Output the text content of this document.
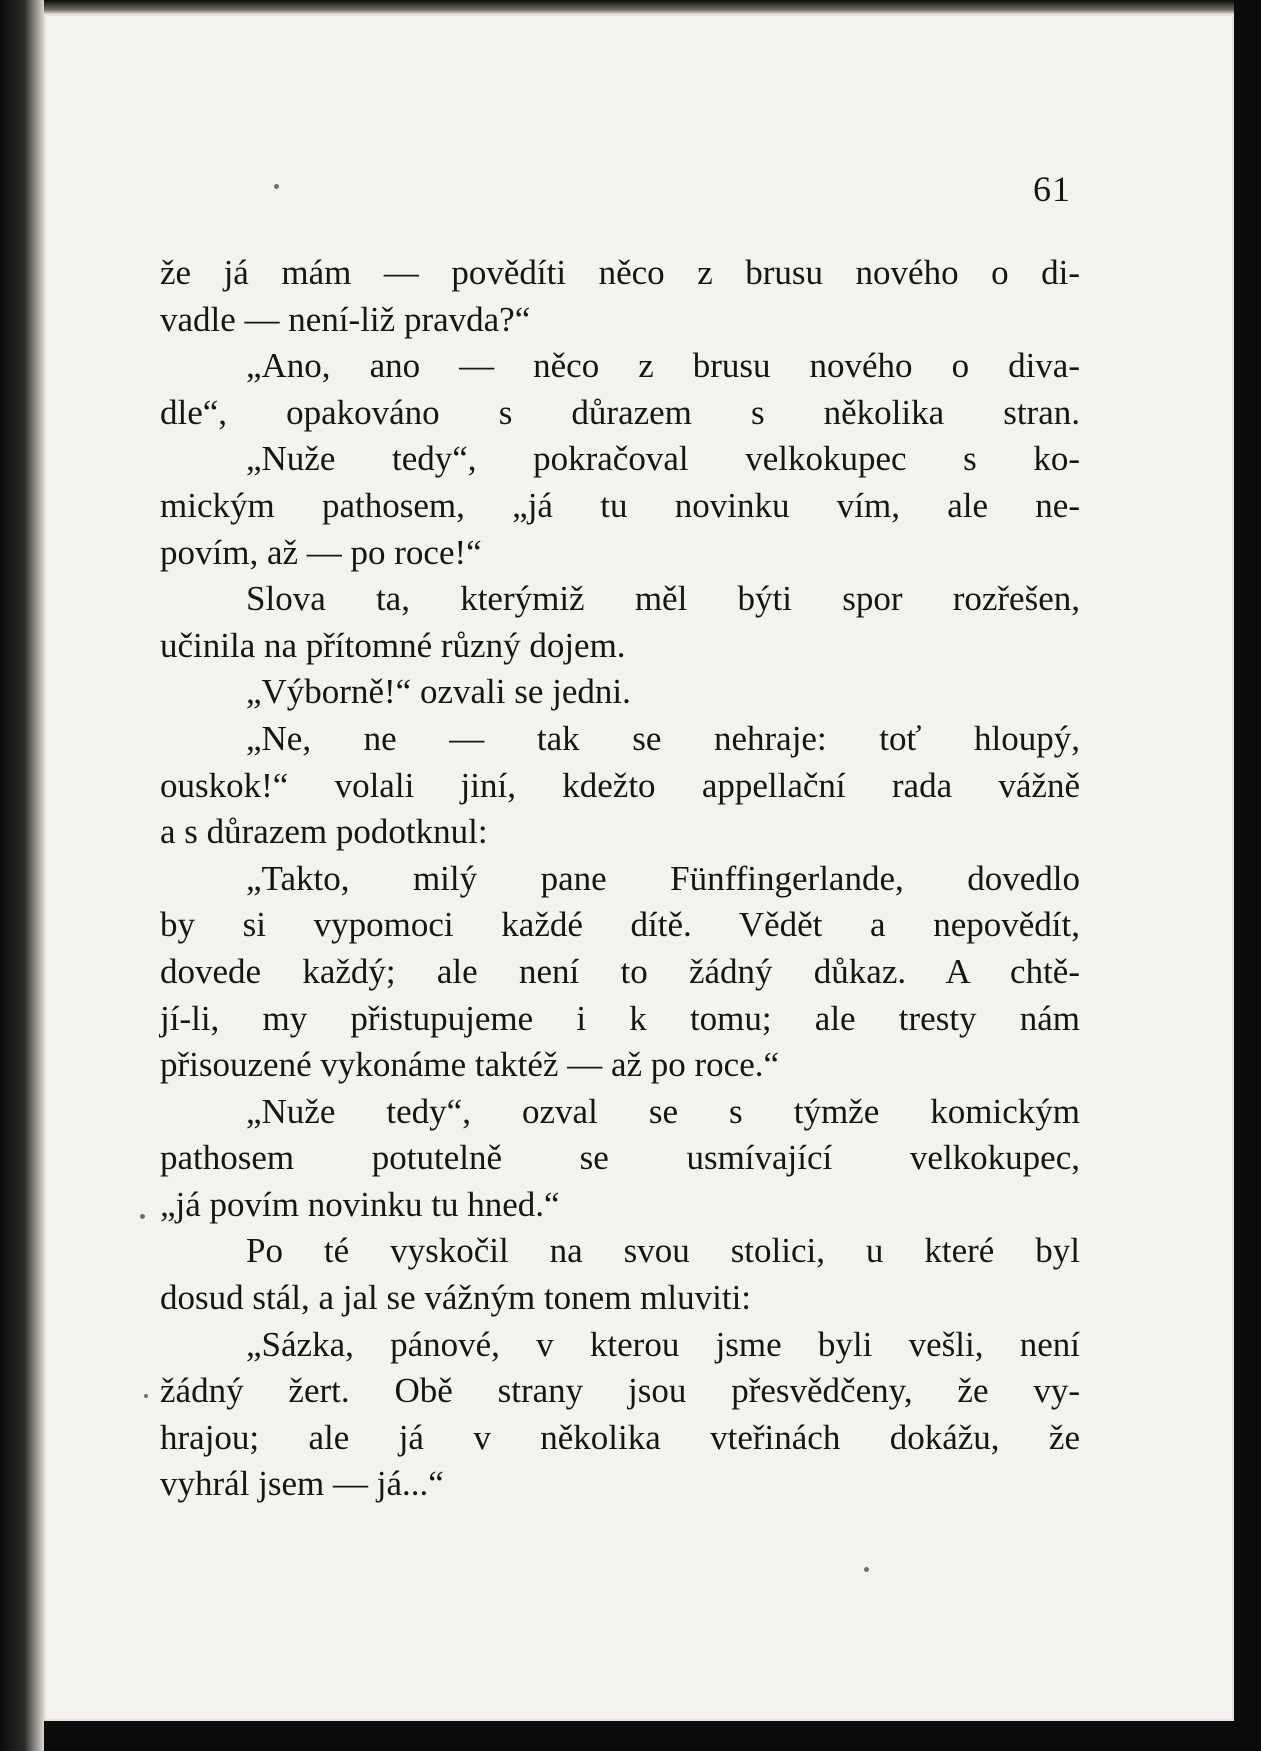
61
že já mám — povědíti něco z brusu nového o di-
vadle — není-liž pravda?“
„Ano, ano — něco z brusu nového o diva-
dle“, opakováno s důrazem s několika stran.
„Nuže tedy“, pokračoval velkokupec s ko-
mickým pathosem, „já tu novinku vím, ale ne-
povím, až — po roce!“
Slova ta, kterýmiž měl býti spor rozřešen,
učinila na přítomné různý dojem.
„Výborně!“ ozvali se jedni.
„Ne, ne — tak se nehraje: toť hloupý,
ouskok!“ volali jiní, kdežto appellační rada vážně
a s důrazem podotknul:
„Takto, milý pane Fünffingerlande, dovedlo
by si vypomoci každé dítě. Vědět a nepovědít,
dovede každý; ale není to žádný důkaz. A chtě-
jí-li, my přistupujeme i k tomu; ale tresty nám
přisouzené vykonáme taktéž — až po roce.“
„Nuže tedy“, ozval se s týmže komickým
pathosem potutelně se usmívající velkokupec,
„já povím novinku tu hned.“
Po té vyskočil na svou stolici, u které byl
dosud stál, a jal se vážným tonem mluviti:
„Sázka, pánové, v kterou jsme byli vešli, není
žádný žert. Obě strany jsou přesvědčeny, že vy-
hrajou; ale já v několika vteřinách dokážu, že
vyhrál jsem — já...“
